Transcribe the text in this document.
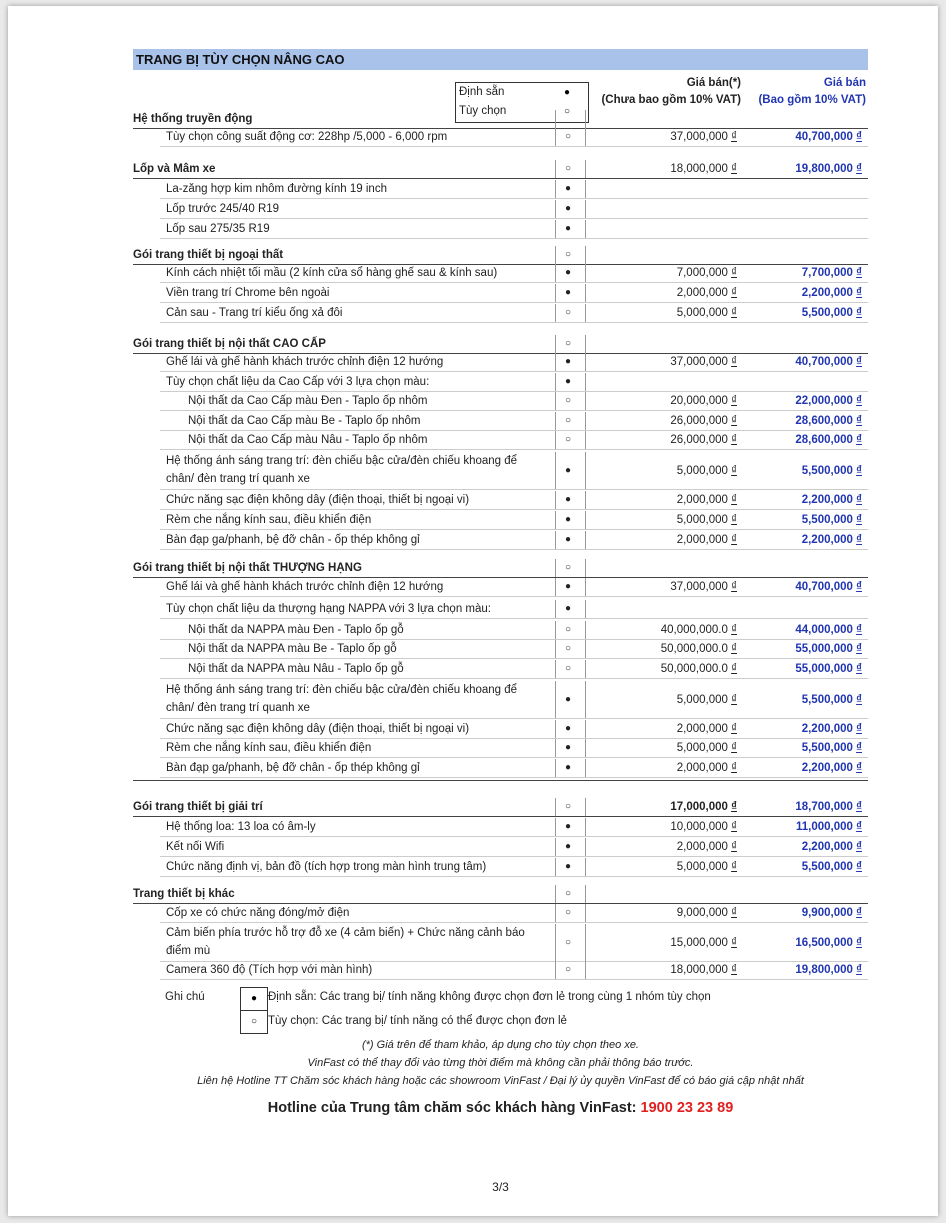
TRANG BỊ TÙY CHỌN NÂNG CAO
Định sẵn	●
Tùy chọn	○
Giá bán(*)
(Chưa bao gồm 10% VAT)
Giá bán
(Bao gồm 10% VAT)
Hệ thống truyền động
Tùy chọn công suất động cơ: 228hp /5,000 - 6,000 rpm	○	37,000,000 ₫	40,700,000 ₫
Lốp và Mâm xe	○	18,000,000 ₫	19,800,000 ₫
La-zăng hợp kim nhôm đường kính 19 inch	●
Lốp trước 245/40 R19	●
Lốp sau 275/35 R19	●
Gói trang thiết bị ngoại thất	○
Kính cách nhiệt tối mầu (2 kính cửa sổ hàng ghế sau & kính sau)	●	7,000,000 ₫	7,700,000 ₫
Viền trang trí Chrome bên ngoài	●	2,000,000 ₫	2,200,000 ₫
Cản sau - Trang trí kiểu ống xả đôi	○	5,000,000 ₫	5,500,000 ₫
Gói trang thiết bị nội thất CAO CẤP	○
Ghế lái và ghế hành khách trước chỉnh điện 12 hướng	●	37,000,000 ₫	40,700,000 ₫
Tùy chọn chất liệu da Cao Cấp với 3 lựa chọn màu:	●
Nội thất da Cao Cấp màu Đen - Taplo ốp nhôm	○	20,000,000 ₫	22,000,000 ₫
Nội thất da Cao Cấp màu Be - Taplo ốp nhôm	○	26,000,000 ₫	28,600,000 ₫
Nội thất da Cao Cấp màu Nâu - Taplo ốp nhôm	○	26,000,000 ₫	28,600,000 ₫
Hệ thống ánh sáng trang trí: đèn chiếu bậc cửa/đèn chiếu khoang để
chân/ đèn trang trí quanh xe
●	5,000,000 ₫	5,500,000 ₫
Chức năng sạc điện không dây (điện thoại, thiết bị ngoại vi)	●	2,000,000 ₫	2,200,000 ₫
Rèm che nắng kính sau, điều khiển điện	●	5,000,000 ₫	5,500,000 ₫
Bàn đạp ga/phanh, bệ đỡ chân - ốp thép không gỉ	●	2,000,000 ₫	2,200,000 ₫
Gói trang thiết bị nội thất THƯỢNG HẠNG	○
Ghế lái và ghế hành khách trước chỉnh điện 12 hướng	●	37,000,000 ₫	40,700,000 ₫
Tùy chọn chất liệu da thượng hạng NAPPA với 3 lựa chọn màu:	●
Nội thất da NAPPA màu Đen - Taplo ốp gỗ	○	40,000,000.0 ₫	44,000,000 ₫
Nội thất da NAPPA màu Be - Taplo ốp gỗ	○	50,000,000.0 ₫	55,000,000 ₫
Nội thất da NAPPA màu Nâu - Taplo ốp gỗ	○	50,000,000.0 ₫	55,000,000 ₫
Hệ thống ánh sáng trang trí: đèn chiếu bậc cửa/đèn chiếu khoang để
chân/ đèn trang trí quanh xe
●	5,000,000 ₫	5,500,000 ₫
Chức năng sạc điện không dây (điện thoại, thiết bị ngoại vi)	●	2,000,000 ₫	2,200,000 ₫
Rèm che nắng kính sau, điều khiển điện	●	5,000,000 ₫	5,500,000 ₫
Bàn đạp ga/phanh, bệ đỡ chân - ốp thép không gỉ	●	2,000,000 ₫	2,200,000 ₫
Gói trang thiết bị giải trí	○	17,000,000 ₫	18,700,000 ₫
Hệ thống loa: 13 loa có âm-ly	●	10,000,000 ₫	11,000,000 ₫
Kết nối Wifi	●	2,000,000 ₫	2,200,000 ₫
Chức năng định vị, bản đồ (tích hợp trong màn hình trung tâm)	●	5,000,000 ₫	5,500,000 ₫
Trang thiết bị khác	○
Cốp xe có chức năng đóng/mở điện	○	9,000,000 ₫	9,900,000 ₫
Cảm biến phía trước hỗ trợ đỗ xe (4 cảm biến) + Chức năng cảnh báo
điểm mù
○	15,000,000 ₫	16,500,000 ₫
Camera 360 độ (Tích hợp với màn hình)	○	18,000,000 ₫	19,800,000 ₫
Ghi chú	● Định sẵn: Các trang bị/ tính năng không được chọn đơn lẻ trong cùng 1 nhóm tùy chọn
○ Tùy chọn: Các trang bị/ tính năng có thể được chọn đơn lẻ
(*) Giá trên để tham khảo, áp dụng cho tùy chọn theo xe.
VinFast có thể thay đổi vào từng thời điểm mà không cần phải thông báo trước.
Liên hệ Hotline TT Chăm sóc khách hàng hoặc các showroom VinFast / Đại lý ủy quyền VinFast để có báo giá cập nhật nhất
Hotline của Trung tâm chăm sóc khách hàng VinFast: 1900 23 23 89
3/3
